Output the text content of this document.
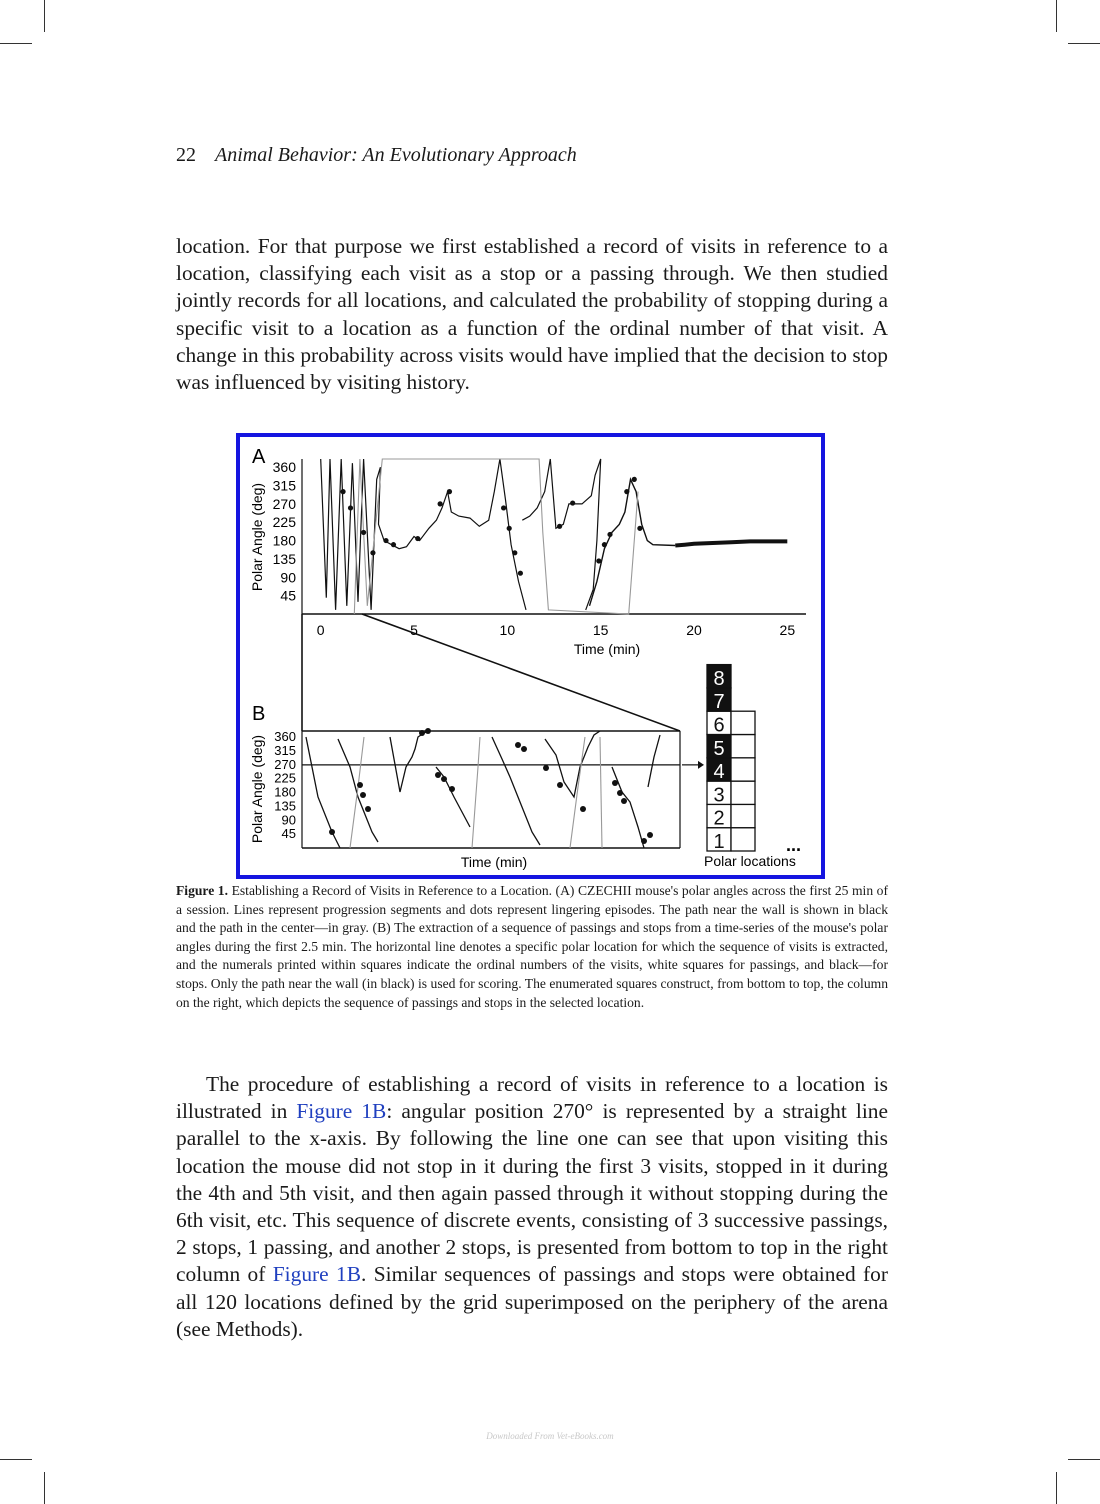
22 Animal Behavior: An Evolutionary Approach

location. For that purpose we first established a record of visits in reference to a location, classifying each visit as a stop or a passing through. We then studied jointly records for all locations, and calculated the probability of stopping during a specific visit to a location as a function of the ordinal number of that visit. A change in this probability across visits would have implied that the decision to stop was influenced by visiting history.

45
90
135
180
225
270
315
360
0	5	10	15	20	25
Time (min)
Polar Angle (deg)
45
90
135
180
225
270
315
360
Time (min)
Polar Angle (deg)	1
2
3
4
5
6
7
8
A
B
Polar locations
...

Figure 1. Establishing a Record of Visits in Reference to a Location. (A) CZECHII mouse's polar angles across the first 25 min of a session. Lines represent progression segments and dots represent lingering episodes. The path near the wall is shown in black and the path in the center—in gray. (B) The extraction of a sequence of passings and stops from a time-series of the mouse's polar angles during the first 2.5 min. The horizontal line denotes a specific polar location for which the sequence of visits is extracted, and the numerals printed within squares indicate the ordinal numbers of the visits, white squares for passings, and black—for stops. Only the path near the wall (in black) is used for scoring. The enumerated squares construct, from bottom to top, the column on the right, which depicts the sequence of passings and stops in the selected location.

The procedure of establishing a record of visits in reference to a location is illustrated in Figure 1B: angular position 270° is represented by a straight line parallel to the x-axis. By following the line one can see that upon visiting this location the mouse did not stop in it during the first 3 visits, stopped in it during the 4th and 5th visit, and then again passed through it without stopping during the 6th visit, etc. This sequence of discrete events, consisting of 3 successive passings, 2 stops, 1 passing, and another 2 stops, is presented from bottom to top in the right column of Figure 1B. Similar sequences of passings and stops were obtained for all 120 locations defined by the grid superimposed on the periphery of the arena (see Methods).

Downloaded From Vet-eBooks.com
